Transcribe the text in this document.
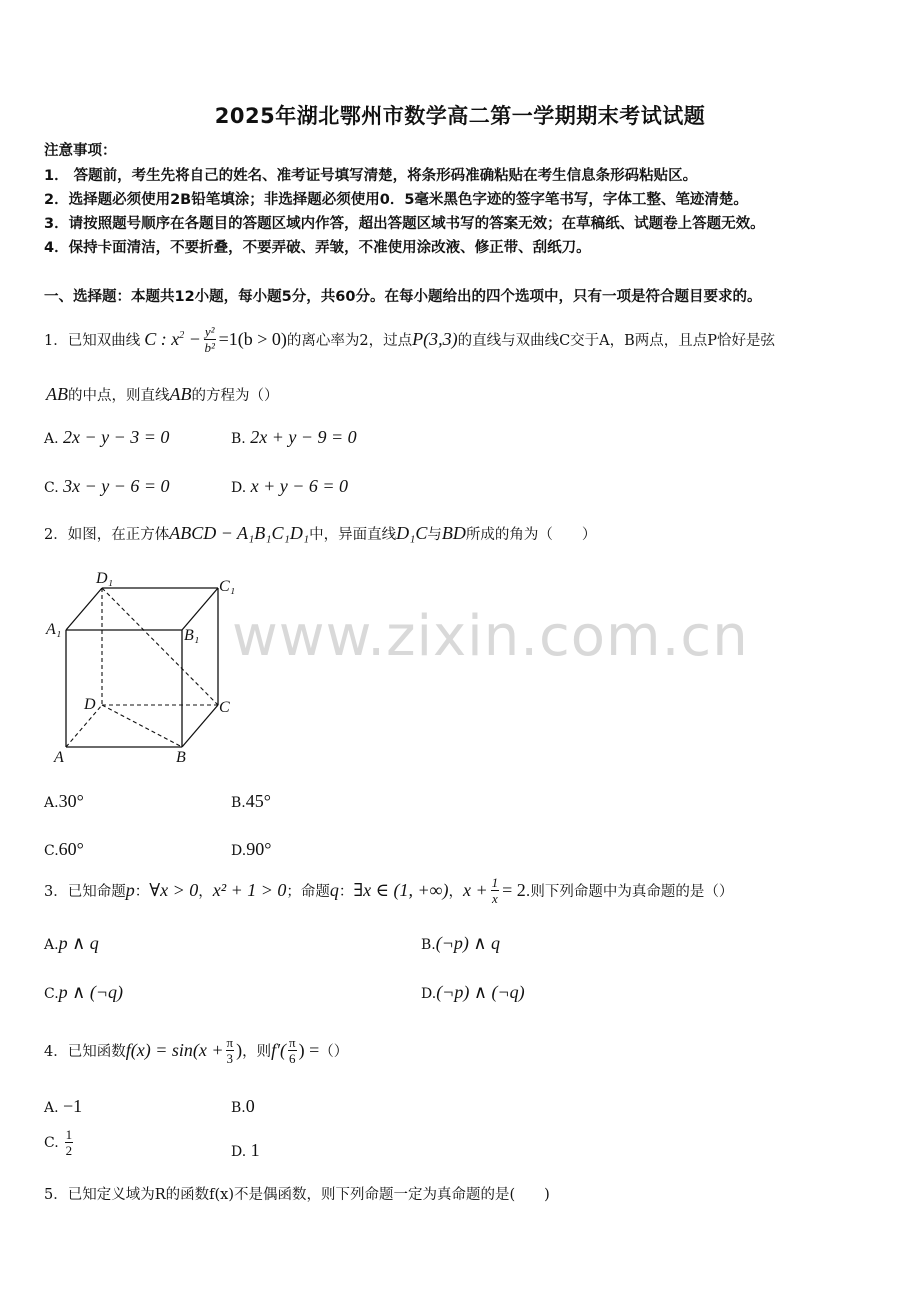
www.zixin.com.cn
2025年湖北鄂州市数学高二第一学期期末考试试题
注意事项：
1． 答题前，考生先将自己的姓名、准考证号填写清楚，将条形码准确粘贴在考生信息条形码粘贴区。
2．选择题必须使用2B铅笔填涂；非选择题必须使用0．5毫米黑色字迹的签字笔书写，字体工整、笔迹清楚。
3．请按照题号顺序在各题目的答题区域内作答，超出答题区域书写的答案无效；在草稿纸、试题卷上答题无效。
4．保持卡面清洁，不要折叠，不要弄破、弄皱，不准使用涂改液、修正带、刮纸刀。
一、选择题：本题共12小题，每小题5分，共60分。在每小题给出的四个选项中，只有一项是符合题目要求的。
1．已知双曲线 C : $x^2 - \frac{\text{y²}}{\text{b²}} =1(b > 0)$ 的离心率为2，过点 P(3,3) 的直线与双曲线C交于A，B两点，且点P恰好是弦
AB 的中点，则直线 AB 的方程为（）
A. 2x − y − 3 = 0	B. 2x + y − 9 = 0
C. 3x − y − 6 = 0	D. x + y − 6 = 0
2．如图，在正方体 ABCD − A₁B₁C₁D₁ 中，异面直线 D₁C 与 BD 所成的角为（　　）
D₁	C₁
A₁	B₁
D	C
A	B
A.30°	B.45°
C.60°	D.90°
3．已知命题 p ： ∀x > 0 ， x² + 1 > 0 ；命题 q ： ∃x ∈ (1, +∞) ， $x + \frac{1}{x} = 2$ .则下列命题中为真命题的是（）
A.p ∧ q	B.(¬p) ∧ q
C.p ∧ (¬q)	D.(¬p) ∧ (¬q)
4．已知函数 $f(x) = \sin(x + \frac{\pi}{3}$ ) ，则 $f'( \frac{\pi}{6}$ ) = （）
A. −1	B.0
C. $\frac{1}{2}$	D. 1
5．已知定义域为R的函数f(x)不是偶函数，则下列命题一定为真命题的是(　　)
